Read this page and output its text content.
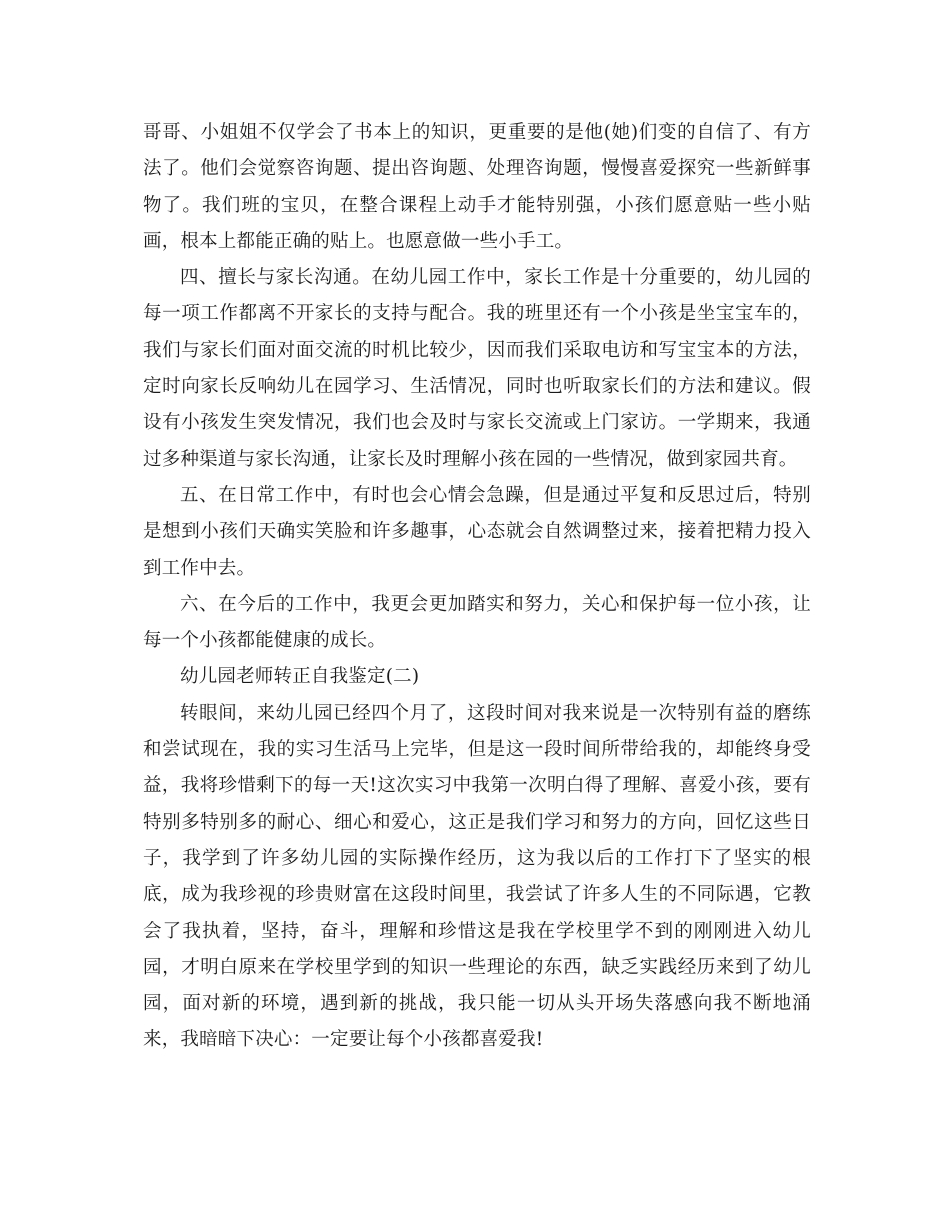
哥哥、小姐姐不仅学会了书本上的知识，更重要的是他(她)们变的自信了、有方法了。他们会觉察咨询题、提出咨询题、处理咨询题，慢慢喜爱探究一些新鲜事物了。我们班的宝贝，在整合课程上动手才能特别强，小孩们愿意贴一些小贴画，根本上都能正确的贴上。也愿意做一些小手工。

四、擅长与家长沟通。在幼儿园工作中，家长工作是十分重要的，幼儿园的每一项工作都离不开家长的支持与配合。我的班里还有一个小孩是坐宝宝车的，我们与家长们面对面交流的时机比较少，因而我们采取电访和写宝宝本的方法，定时向家长反响幼儿在园学习、生活情况，同时也听取家长们的方法和建议。假设有小孩发生突发情况，我们也会及时与家长交流或上门家访。一学期来，我通过多种渠道与家长沟通，让家长及时理解小孩在园的一些情况，做到家园共育。

五、在日常工作中，有时也会心情会急躁，但是通过平复和反思过后，特别是想到小孩们天确实笑脸和许多趣事，心态就会自然调整过来，接着把精力投入到工作中去。

六、在今后的工作中，我更会更加踏实和努力，关心和保护每一位小孩，让每一个小孩都能健康的成长。

幼儿园老师转正自我鉴定(二)

转眼间，来幼儿园已经四个月了，这段时间对我来说是一次特别有益的磨练和尝试现在，我的实习生活马上完毕，但是这一段时间所带给我的，却能终身受益，我将珍惜剩下的每一天!这次实习中我第一次明白得了理解、喜爱小孩，要有特别多特别多的耐心、细心和爱心，这正是我们学习和努力的方向，回忆这些日子，我学到了许多幼儿园的实际操作经历，这为我以后的工作打下了坚实的根底，成为我珍视的珍贵财富在这段时间里，我尝试了许多人生的不同际遇，它教会了我执着，坚持，奋斗，理解和珍惜这是我在学校里学不到的刚刚进入幼儿园，才明白原来在学校里学到的知识一些理论的东西，缺乏实践经历来到了幼儿园，面对新的环境，遇到新的挑战，我只能一切从头开场失落感向我不断地涌来，我暗暗下决心：一定要让每个小孩都喜爱我!
